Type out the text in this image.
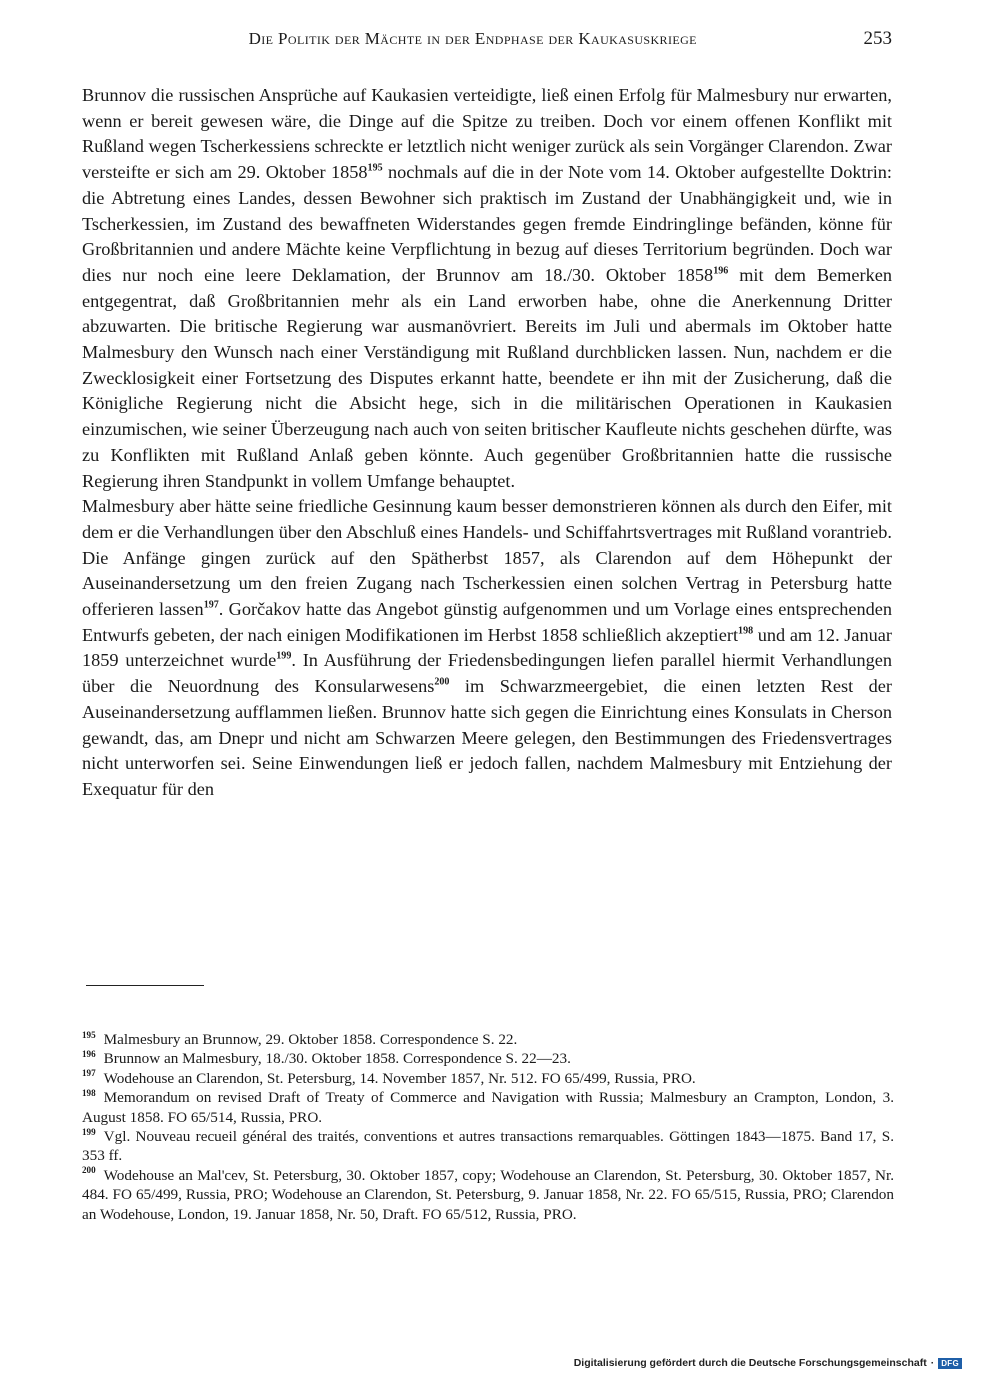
Die Politik der Mächte in der Endphase der Kaukasuskriege	253

Brunnov die russischen Ansprüche auf Kaukasien verteidigte, ließ einen Erfolg für Malmesbury nur erwarten, wenn er bereit gewesen wäre, die Dinge auf die Spitze zu treiben. Doch vor einem offenen Konflikt mit Rußland wegen Tscherkessiens schreckte er letztlich nicht weniger zurück als sein Vorgänger Clarendon. Zwar versteifte er sich am 29. Oktober 1858$^{195}$ nochmals auf die in der Note vom 14. Oktober aufgestellte Doktrin: die Abtretung eines Landes, dessen Bewohner sich praktisch im Zustand der Unabhängigkeit und, wie in Tscherkessien, im Zustand des bewaffneten Widerstandes gegen fremde Eindringlinge befänden, könne für Großbritannien und andere Mächte keine Verpflichtung in bezug auf dieses Territorium begründen. Doch war dies nur noch eine leere Deklamation, der Brunnov am 18./30. Oktober 1858$^{196}$ mit dem Bemerken entgegentrat, daß Großbritannien mehr als ein Land erworben habe, ohne die Anerkennung Dritter abzuwarten. Die britische Regierung war ausmanövriert. Bereits im Juli und abermals im Oktober hatte Malmesbury den Wunsch nach einer Verständigung mit Rußland durchblicken lassen. Nun, nachdem er die Zwecklosigkeit einer Fortsetzung des Disputes erkannt hatte, beendete er ihn mit der Zusicherung, daß die Königliche Regierung nicht die Absicht hege, sich in die militärischen Operationen in Kaukasien einzumischen, wie seiner Überzeugung nach auch von seiten britischer Kaufleute nichts geschehen dürfte, was zu Konflikten mit Rußland Anlaß geben könnte. Auch gegenüber Großbritannien hatte die russische Regierung ihren Standpunkt in vollem Umfange behauptet.

Malmesbury aber hätte seine friedliche Gesinnung kaum besser demonstrieren können als durch den Eifer, mit dem er die Verhandlungen über den Abschluß eines Handels- und Schiffahrtsvertrages mit Rußland vorantrieb. Die Anfänge gingen zurück auf den Spätherbst 1857, als Clarendon auf dem Höhepunkt der Auseinandersetzung um den freien Zugang nach Tscherkessien einen solchen Vertrag in Petersburg hatte offerieren lassen$^{197}$. Gorčakov hatte das Angebot günstig aufgenommen und um Vorlage eines entsprechenden Entwurfs gebeten, der nach einigen Modifikationen im Herbst 1858 schließlich akzeptiert$^{198}$ und am 12. Januar 1859 unterzeichnet wurde$^{199}$. In Ausführung der Friedensbedingungen liefen parallel hiermit Verhandlungen über die Neuordnung des Konsularwesens$^{200}$ im Schwarzmeergebiet, die einen letzten Rest der Auseinandersetzung aufflammen ließen. Brunnov hatte sich gegen die Einrichtung eines Konsulats in Cherson gewandt, das, am Dnepr und nicht am Schwarzen Meere gelegen, den Bestimmungen des Friedensvertrages nicht unterworfen sei. Seine Einwendungen ließ er jedoch fallen, nachdem Malmesbury mit Entziehung der Exequatur für den

$^{195}$ Malmesbury an Brunnow, 29. Oktober 1858. Correspondence S. 22.

$^{196}$ Brunnow an Malmesbury, 18./30. Oktober 1858. Correspondence S. 22—23.

$^{197}$ Wodehouse an Clarendon, St. Petersburg, 14. November 1857, Nr. 512. FO 65/499, Russia, PRO.

$^{198}$ Memorandum on revised Draft of Treaty of Commerce and Navigation with Russia; Malmesbury an Crampton, London, 3. August 1858. FO 65/514, Russia, PRO.

$^{199}$ Vgl. Nouveau recueil général des traités, conventions et autres transactions remarquables. Göttingen 1843—1875. Band 17, S. 353 ff.

$^{200}$ Wodehouse an Mal'cev, St. Petersburg, 30. Oktober 1857, copy; Wodehouse an Clarendon, St. Petersburg, 30. Oktober 1857, Nr. 484. FO 65/499, Russia, PRO; Wodehouse an Clarendon, St. Petersburg, 9. Januar 1858, Nr. 22. FO 65/515, Russia, PRO; Clarendon an Wodehouse, London, 19. Januar 1858, Nr. 50, Draft. FO 65/512, Russia, PRO.

Digitalisierung gefördert durch die Deutsche Forschungsgemeinschaft · DFG
